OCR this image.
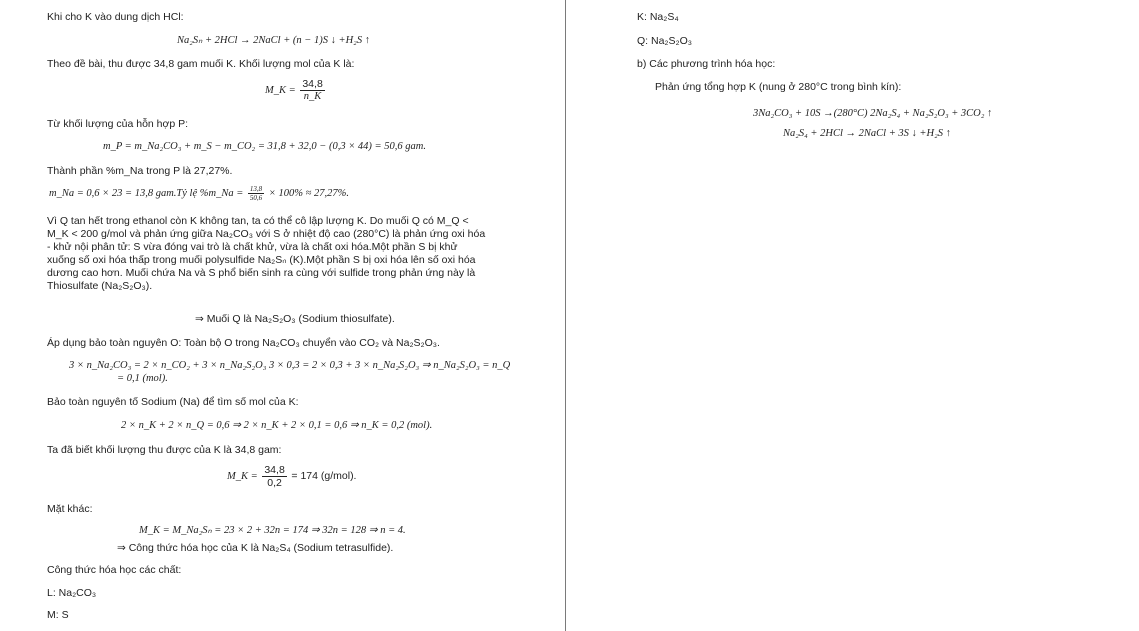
Khi cho K vào dung dịch HCl:
Na₂Sₙ + 2HCl → 2NaCl + (n − 1)S ↓ +H₂S ↑
Theo đề bài, thu được 34,8 gam muối K. Khối lượng mol của K là:
M_K = $\frac{34,8}{n\_K}$
Từ khối lượng của hỗn hợp P:
m_P = m_Na₂CO₃ + m_S − m_CO₂ = 31,8 + 32,0 − (0,3 × 44) = 50,6 gam.
Thành phần %m_Na trong P là 27,27%.
m_Na = 0,6 × 23 = 13,8 gam.Tỷ lệ %m_Na = $\frac{13,8}{50,6} \times 100\% \approx 27,27\%$.
Vì Q tan hết trong ethanol còn K không tan, ta có thể cô lập lượng K. Do muối Q có M_Q <
M_K < 200 g/mol và phản ứng giữa Na₂CO₃ với S ở nhiệt độ cao (280°C) là phản ứng oxi hóa
- khử nội phân tử: S vừa đóng vai trò là chất khử, vừa là chất oxi hóa.Một phần S bị khử
xuống số oxi hóa thấp trong muối polysulfide Na₂Sₙ (K).Một phần S bị oxi hóa lên số oxi hóa
dương cao hơn. Muối chứa Na và S phổ biến sinh ra cùng với sulfide trong phản ứng này là
Thiosulfate (Na₂S₂O₃).
⇒ Muối Q là Na₂S₂O₃ (Sodium thiosulfate).
Áp dụng bảo toàn nguyên O: Toàn bộ O trong Na₂CO₃ chuyển vào CO₂ và Na₂S₂O₃.
3 × n_Na₂CO₃ = 2 × n_CO₂ + 3 × n_Na₂S₂O₃ 3 × 0,3 = 2 × 0,3 + 3 × n_Na₂S₂O₃ ⇒ n_Na₂S₂O₃ = n_Q
= 0,1 (mol).
Bảo toàn nguyên tố Sodium (Na) để tìm số mol của K:
2 × n_K + 2 × n_Q = 0,6 ⇒ 2 × n_K + 2 × 0,1 = 0,6 ⇒ n_K = 0,2 (mol).
Ta đã biết khối lượng thu được của K là 34,8 gam:
M_K = $\frac{34,8}{0,2} = 174$ (g/mol).
Mặt khác:
M_K = M_Na₂Sₙ = 23 × 2 + 32n = 174 ⇒ 32n = 128 ⇒ n = 4.
⇒ Công thức hóa học của K là Na₂S₄ (Sodium tetrasulfide).
Công thức hóa học các chất:
L: Na₂CO₃
M: S
K: Na₂S₄
Q: Na₂S₂O₃
b) Các phương trình hóa học:
Phản ứng tổng hợp K (nung ở 280°C trong bình kín):
3Na₂CO₃ + 10S →(280°C) 2Na₂S₄ + Na₂S₂O₃ + 3CO₂ ↑
Na₂S₄ + 2HCl → 2NaCl + 3S ↓ +H₂S ↑
